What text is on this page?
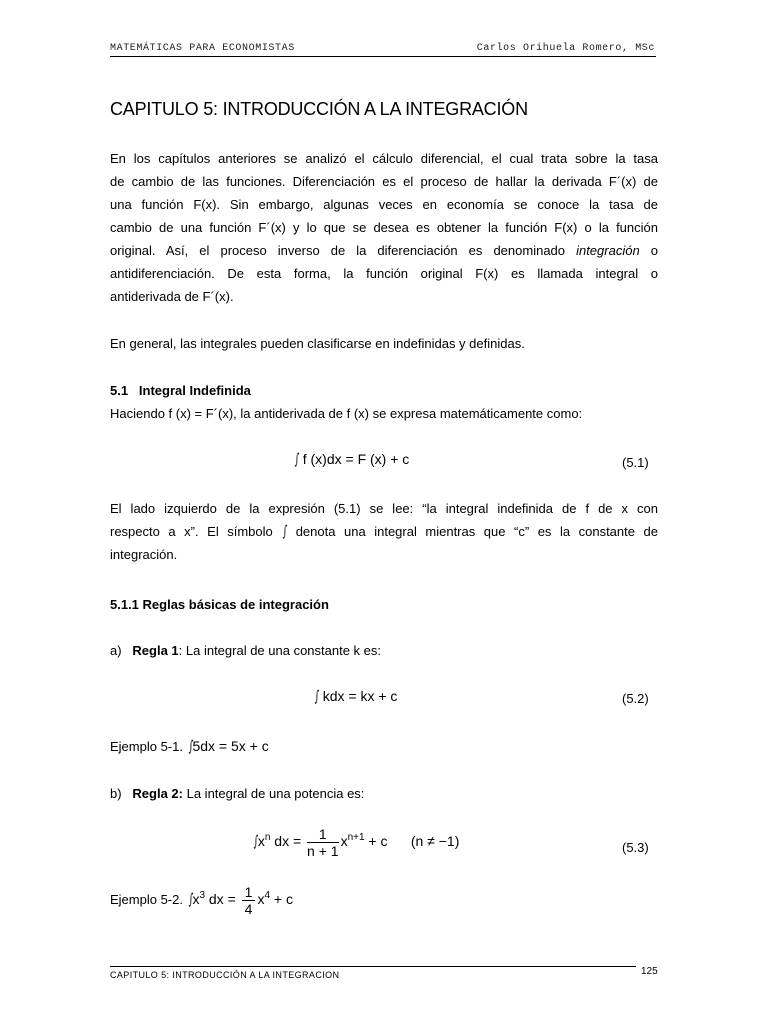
MATEMÁTICAS PARA ECONOMISTAS	Carlos Orihuela Romero, MSc
CAPITULO 5: INTRODUCCIÓN A LA INTEGRACIÓN
En los capítulos anteriores se analizó el cálculo diferencial, el cual trata sobre la tasa
de cambio de las funciones. Diferenciación es el proceso de hallar la derivada F´(x) de
una función F(x). Sin embargo, algunas veces en economía se conoce la tasa de
cambio de una función F´(x) y lo que se desea es obtener la función F(x) o la función
original. Así, el proceso inverso de la diferenciación es denominado integración o
antidiferenciación. De esta forma, la función original F(x) es llamada integral o
antiderivada de F´(x).

En general, las integrales pueden clasificarse en indefinidas y definidas.

5.1 Integral Indefinida

Haciendo f (x) = F´(x), la antiderivada de f (x) se expresa matemáticamente como:

∫ f (x)dx = F (x) + c	(5.1)
El lado izquierdo de la expresión (5.1) se lee: “la integral indefinida de f de x con
respecto a x”. El símbolo ∫ denota una integral mientras que “c” es la constante de
integración.
5.1.1 Reglas básicas de integración
a) Regla 1: La integral de una constante k es:
∫ kdx = kx + c	(5.2)
Ejemplo 5-1. ∫5dx = 5x + c
b) Regla 2: La integral de una potencia es:
$\int x^n$ dx = $\frac{1}{n + 1} x^{n+1} + c$ (n ≠ −1)	(5.3)
Ejemplo 5-2. $\int x^3$ dx = $\frac{1}{4} x^4 + c$
CAPITULO 5: INTRODUCCIÓN A LA INTEGRACION	125
